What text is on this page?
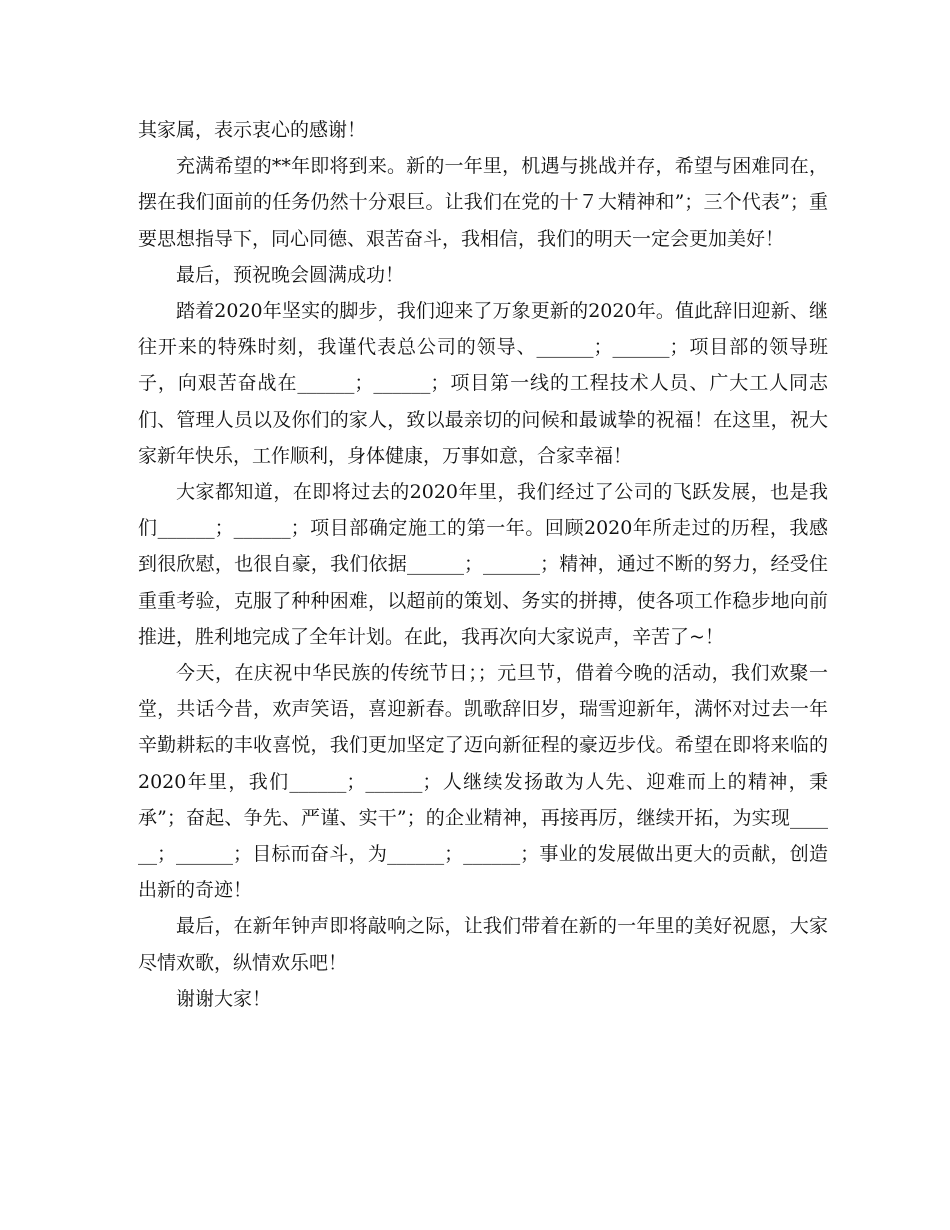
其家属，表示衷心的感谢！

充满希望的**年即将到来。新的一年里，机遇与挑战并存，希望与困难同在，摆在我们面前的任务仍然十分艰巨。让我们在党的十７大精神和”；三个代表”；重要思想指导下，同心同德、艰苦奋斗，我相信，我们的明天一定会更加美好！

最后，预祝晚会圆满成功！

踏着2020年坚实的脚步，我们迎来了万象更新的2020年。值此辞旧迎新、继往开来的特殊时刻，我谨代表总公司的领导、______；______；项目部的领导班子，向艰苦奋战在______；______；项目第一线的工程技术人员、广大工人同志们、管理人员以及你们的家人，致以最亲切的问候和最诚挚的祝福！在这里，祝大家新年快乐，工作顺利，身体健康，万事如意，合家幸福！

大家都知道，在即将过去的2020年里，我们经过了公司的飞跃发展，也是我们______；______；项目部确定施工的第一年。回顾2020年所走过的历程，我感到很欣慰，也很自豪，我们依据______；______；精神，通过不断的努力，经受住重重考验，克服了种种困难，以超前的策划、务实的拼搏，使各项工作稳步地向前推进，胜利地完成了全年计划。在此，我再次向大家说声，辛苦了~！

今天，在庆祝中华民族的传统节日；；元旦节，借着今晚的活动，我们欢聚一堂，共话今昔，欢声笑语，喜迎新春。凯歌辞旧岁，瑞雪迎新年，满怀对过去一年辛勤耕耘的丰收喜悦，我们更加坚定了迈向新征程的豪迈步伐。希望在即将来临的2020年里，我们______；______；人继续发扬敢为人先、迎难而上的精神，秉承”；奋起、争先、严谨、实干”；的企业精神，再接再厉，继续开拓，为实现______；______；目标而奋斗，为______；______；事业的发展做出更大的贡献，创造出新的奇迹！

最后，在新年钟声即将敲响之际，让我们带着在新的一年里的美好祝愿，大家尽情欢歌，纵情欢乐吧！

谢谢大家！
